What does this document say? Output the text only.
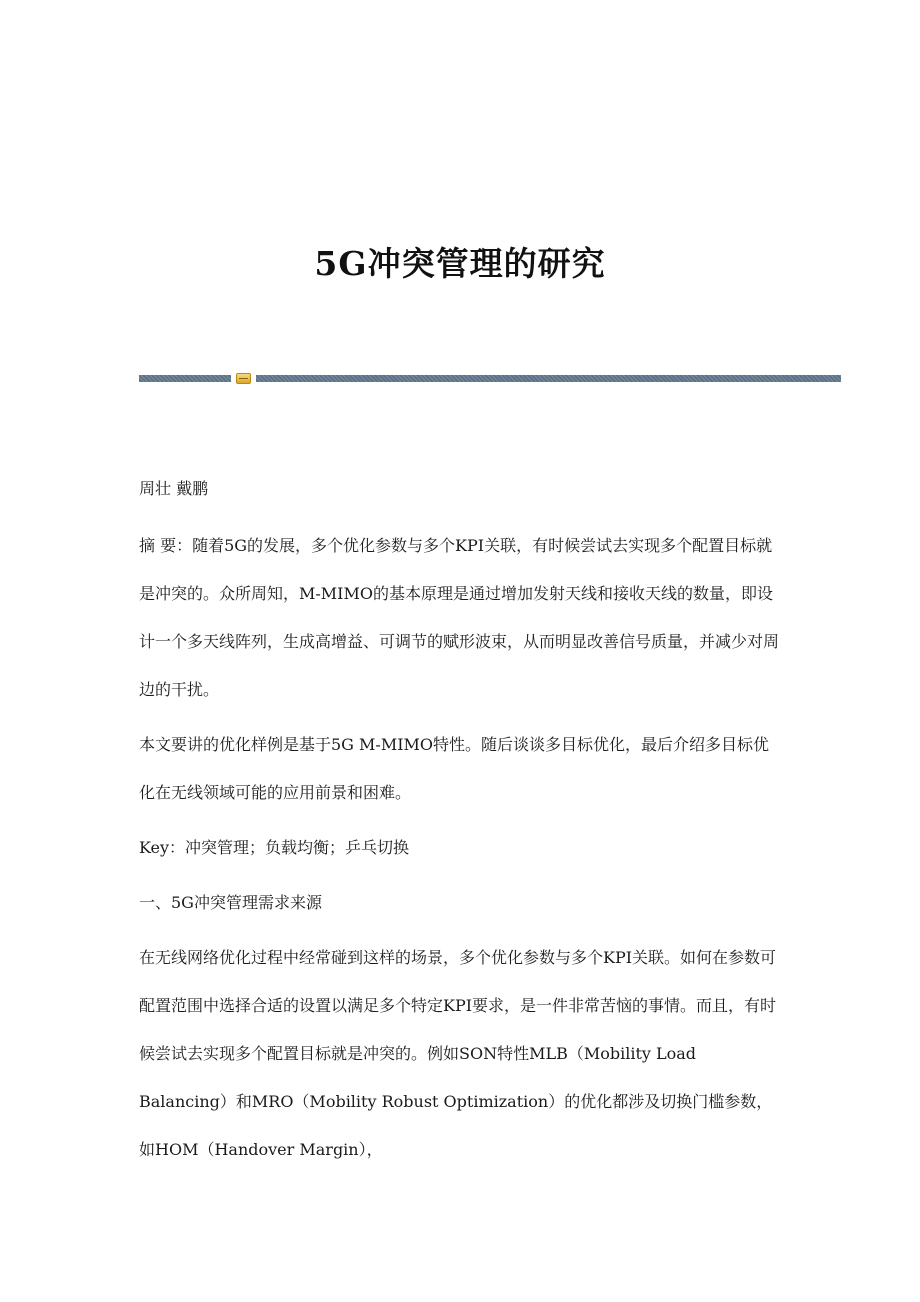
5G冲突管理的研究

周壮 戴鹏

摘 要：随着5G的发展，多个优化参数与多个KPI关联，有时候尝试去实现多个配置目标就是冲突的。众所周知，M-MIMO的基本原理是通过增加发射天线和接收天线的数量，即设计一个多天线阵列，生成高增益、可调节的赋形波束，从而明显改善信号质量，并减少对周边的干扰。

本文要讲的优化样例是基于5G M-MIMO特性。随后谈谈多目标优化，最后介绍多目标优化在无线领域可能的应用前景和困难。

Key：冲突管理；负载均衡；乒乓切换

一、5G冲突管理需求来源

在无线网络优化过程中经常碰到这样的场景，多个优化参数与多个KPI关联。如何在参数可配置范围中选择合适的设置以满足多个特定KPI要求，是一件非常苦恼的事情。而且，有时候尝试去实现多个配置目标就是冲突的。例如SON特性MLB（Mobility Load Balancing）和MRO（Mobility Robust Optimization）的优化都涉及切换门槛参数，如HOM（Handover Margin），
